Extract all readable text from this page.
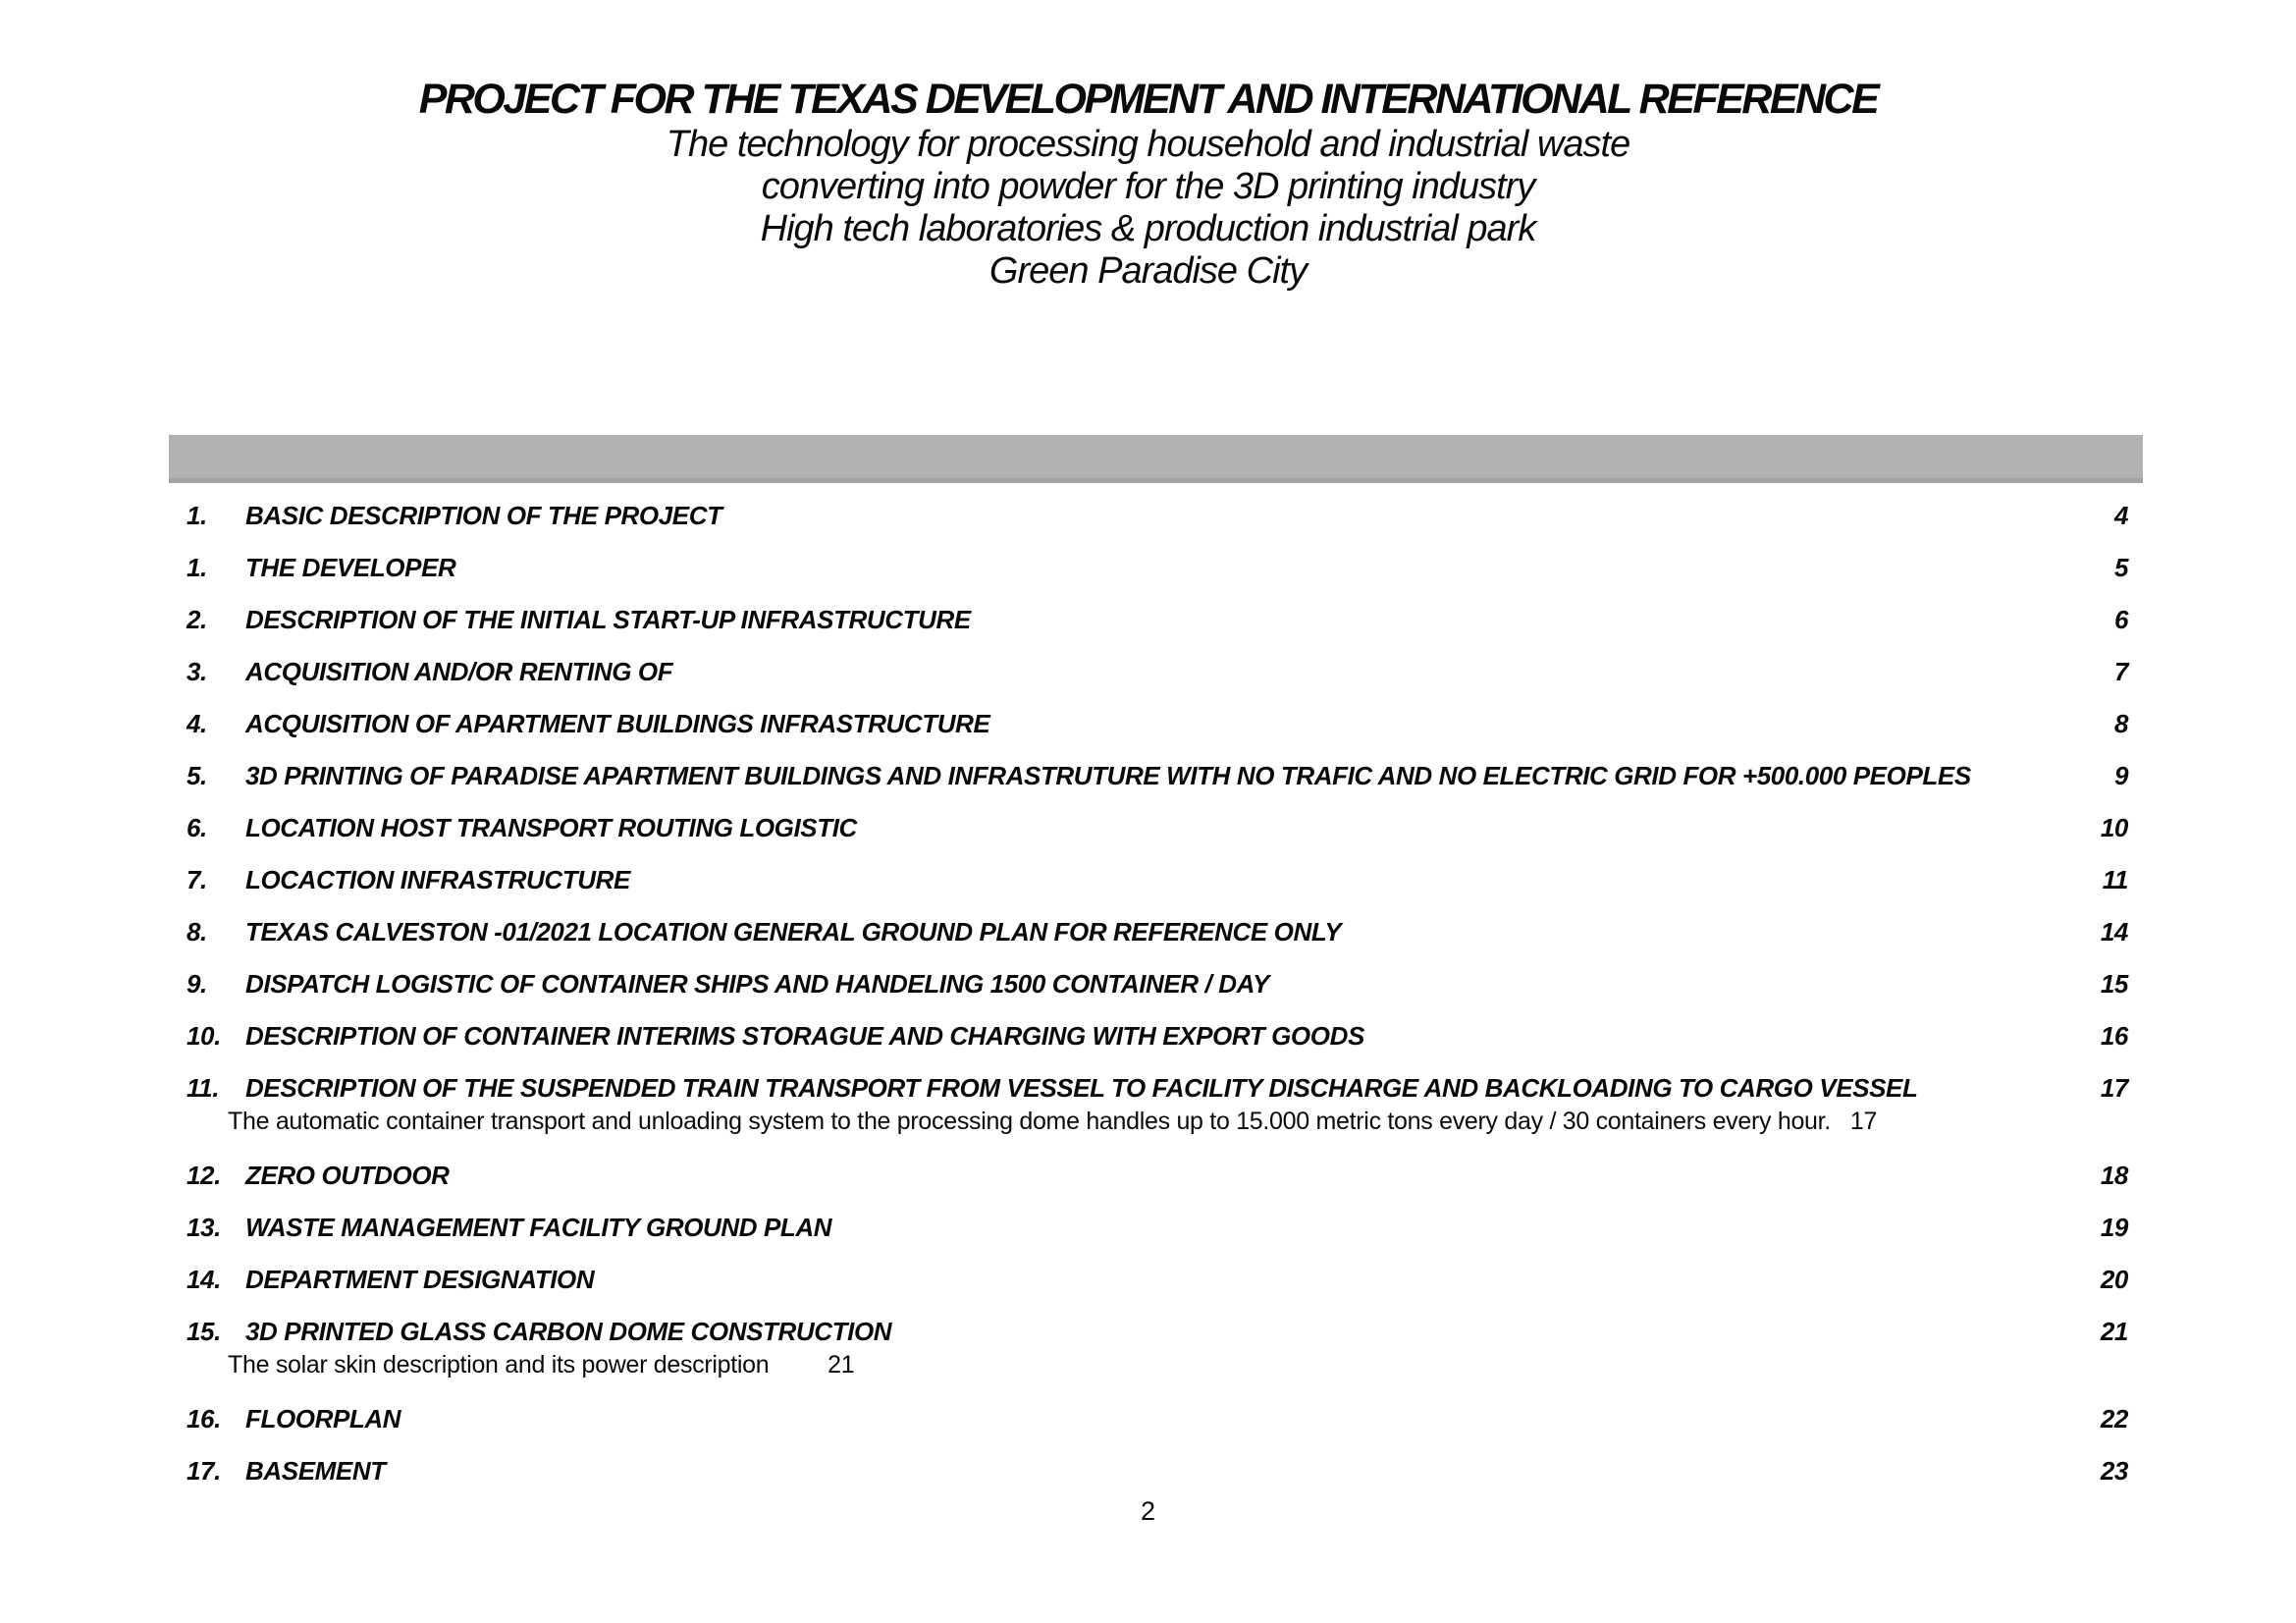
PROJECT FOR THE TEXAS DEVELOPMENT AND INTERNATIONAL REFERENCE
The technology for processing household and industrial waste
converting into powder for the 3D printing industry
High tech laboratories & production industrial park
Green Paradise City
1.	BASIC DESCRIPTION OF THE PROJECT	4
1.	THE DEVELOPER	5
2.	DESCRIPTION OF THE INITIAL START-UP INFRASTRUCTURE	6
3.	ACQUISITION AND/OR RENTING OF	7
4.	ACQUISITION OF APARTMENT BUILDINGS INFRASTRUCTURE	8
5.	3D PRINTING OF PARADISE APARTMENT BUILDINGS AND INFRASTRUTURE WITH NO TRAFIC AND NO ELECTRIC GRID FOR +500.000 PEOPLES	9
6.	LOCATION HOST TRANSPORT ROUTING LOGISTIC	10
7.	LOCACTION INFRASTRUCTURE	11
8.	TEXAS CALVESTON -01/2021 LOCATION GENERAL GROUND PLAN FOR REFERENCE ONLY	14
9.	DISPATCH LOGISTIC OF CONTAINER SHIPS AND HANDELING 1500 CONTAINER / DAY	15
10. DESCRIPTION OF CONTAINER INTERIMS STORAGUE AND CHARGING WITH EXPORT GOODS	16
11.	DESCRIPTION OF THE SUSPENDED TRAIN TRANSPORT FROM VESSEL TO FACILITY DISCHARGE AND BACKLOADING TO CARGO VESSEL	17
The automatic container transport and unloading system to the processing dome handles up to 15.000 metric tons every day / 30 containers every hour.   17
12. ZERO OUTDOOR	18
13. WASTE MANAGEMENT FACILITY GROUND PLAN	19
14. DEPARTMENT DESIGNATION	20
15. 3D PRINTED GLASS CARBON DOME CONSTRUCTION	21
The solar skin description and its power description         21
16. FLOORPLAN	22
17. BASEMENT	23
2
